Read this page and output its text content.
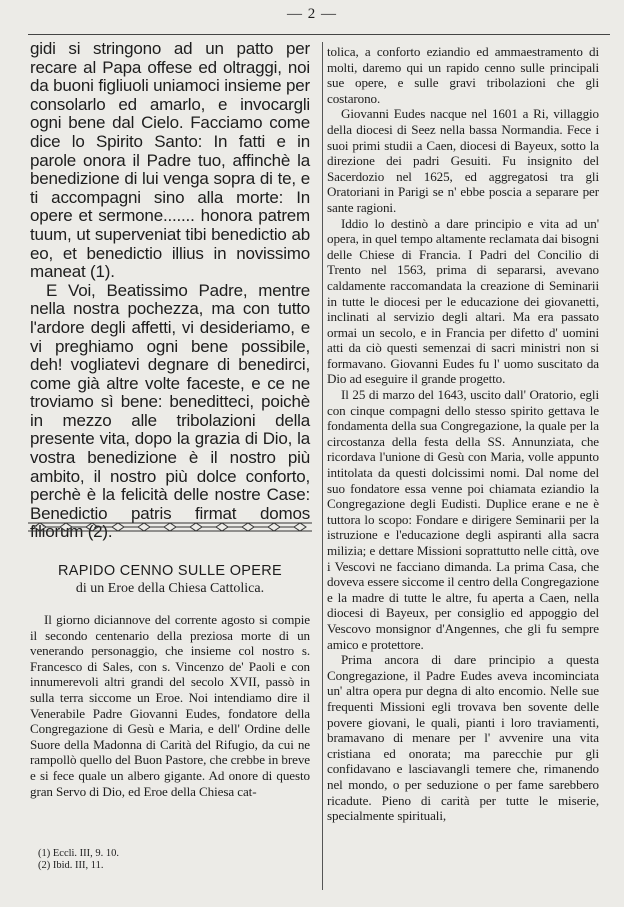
— 2 —

gidi si stringono ad un patto per recare al Papa offese ed oltraggi, noi da buoni figliuoli uniamoci insieme per consolarlo ed amarlo, e invocargli ogni bene dal Cielo. Facciamo come dice lo Spirito Santo: In fatti e in parole onora il Padre tuo, affinchè la benedizione di lui venga sopra di te, e ti accompagni sino alla morte: In opere et sermone....... honora patrem tuum, ut superveniat tibi benedictio ab eo, et benedictio illius in novissimo maneat (1).

E Voi, Beatissimo Padre, mentre nella nostra pochezza, ma con tutto l'ardore degli affetti, vi desideriamo, e vi preghiamo ogni bene possibile, deh! vogliatevi degnare di benedirci, come già altre volte faceste, e ce ne troviamo sì bene: beneditteci, poichè in mezzo alle tribolazioni della presente vita, dopo la grazia di Dio, la vostra benedizione è il nostro più ambito, il nostro più dolce conforto, perchè è la felicità delle nostre Case: Benedictio patris firmat domos filiorum (2).

RAPIDO CENNO SULLE OPERE
di un Eroe della Chiesa Cattolica.

Il giorno diciannove del corrente agosto si compie il secondo centenario della preziosa morte di un venerando personaggio, che insieme col nostro s. Francesco di Sales, con s. Vincenzo de' Paoli e con innumerevoli altri grandi del secolo XVII, passò in sulla terra siccome un Eroe. Noi intendiamo dire il Venerabile Padre Giovanni Eudes, fondatore della Congregazione di Gesù e Maria, e dell' Ordine delle Suore della Madonna di Carità del Rifugio, da cui ne rampollò quello del Buon Pastore, che crebbe in breve e si fece quale un albero gigante. Ad onore di questo gran Servo di Dio, ed Eroe della Chiesa cat-

(1) Eccli. III, 9. 10.
(2) Ibid. III, 11.

tolica, a conforto eziandio ed ammaestramento di molti, daremo qui un rapido cenno sulle principali sue opere, e sulle gravi tribolazioni che gli costarono.

Giovanni Eudes nacque nel 1601 a Ri, villaggio della diocesi di Seez nella bassa Normandia. Fece i suoi primi studii a Caen, diocesi di Bayeux, sotto la direzione dei padri Gesuiti. Fu insignito del Sacerdozio nel 1625, ed aggregatosi tra gli Oratoriani in Parigi se n' ebbe poscia a separare per sante ragioni.

Iddio lo destinò a dare principio e vita ad un' opera, in quel tempo altamente reclamata dai bisogni delle Chiese di Francia. I Padri del Concilio di Trento nel 1563, prima di separarsi, avevano caldamente raccomandata la creazione di Seminarii in tutte le diocesi per le educazione dei giovanetti, inclinati al servizio degli altari. Ma era passato ormai un secolo, e in Francia per difetto d' uomini atti da ciò questi semenzai di sacri ministri non si formavano. Giovanni Eudes fu l' uomo suscitato da Dio ad eseguire il grande progetto.

Il 25 di marzo del 1643, uscito dall' Oratorio, egli con cinque compagni dello stesso spirito gettava le fondamenta della sua Congregazione, la quale per la circostanza della festa della SS. Annunziata, che ricordava l'unione di Gesù con Maria, volle appunto intitolata da questi dolcissimi nomi. Dal nome del suo fondatore essa venne poi chiamata eziandio la Congregazione degli Eudisti. Duplice erane e ne è tuttora lo scopo: Fondare e dirigere Seminarii per la istruzione e l'educazione degli aspiranti alla sacra milizia; e dettare Missioni soprattutto nelle città, ove i Vescovi ne facciano dimanda. La prima Casa, che doveva essere siccome il centro della Congregazione e la madre di tutte le altre, fu aperta a Caen, nella diocesi di Bayeux, per consiglio ed appoggio del Vescovo monsignor d'Angennes, che gli fu sempre amico e protettore.

Prima ancora di dare principio a questa Congregazione, il Padre Eudes aveva incominciata un' altra opera pur degna di alto encomio. Nelle sue frequenti Missioni egli trovava ben sovente delle povere giovani, le quali, pianti i loro traviamenti, bramavano di menare per l' avvenire una vita cristiana ed onorata; ma parecchie pur gli confidavano e lasciavangli temere che, rimanendo nel mondo, o per seduzione o per fame sarebbero ricadute. Pieno di carità per tutte le miserie, specialmente spirituali,
